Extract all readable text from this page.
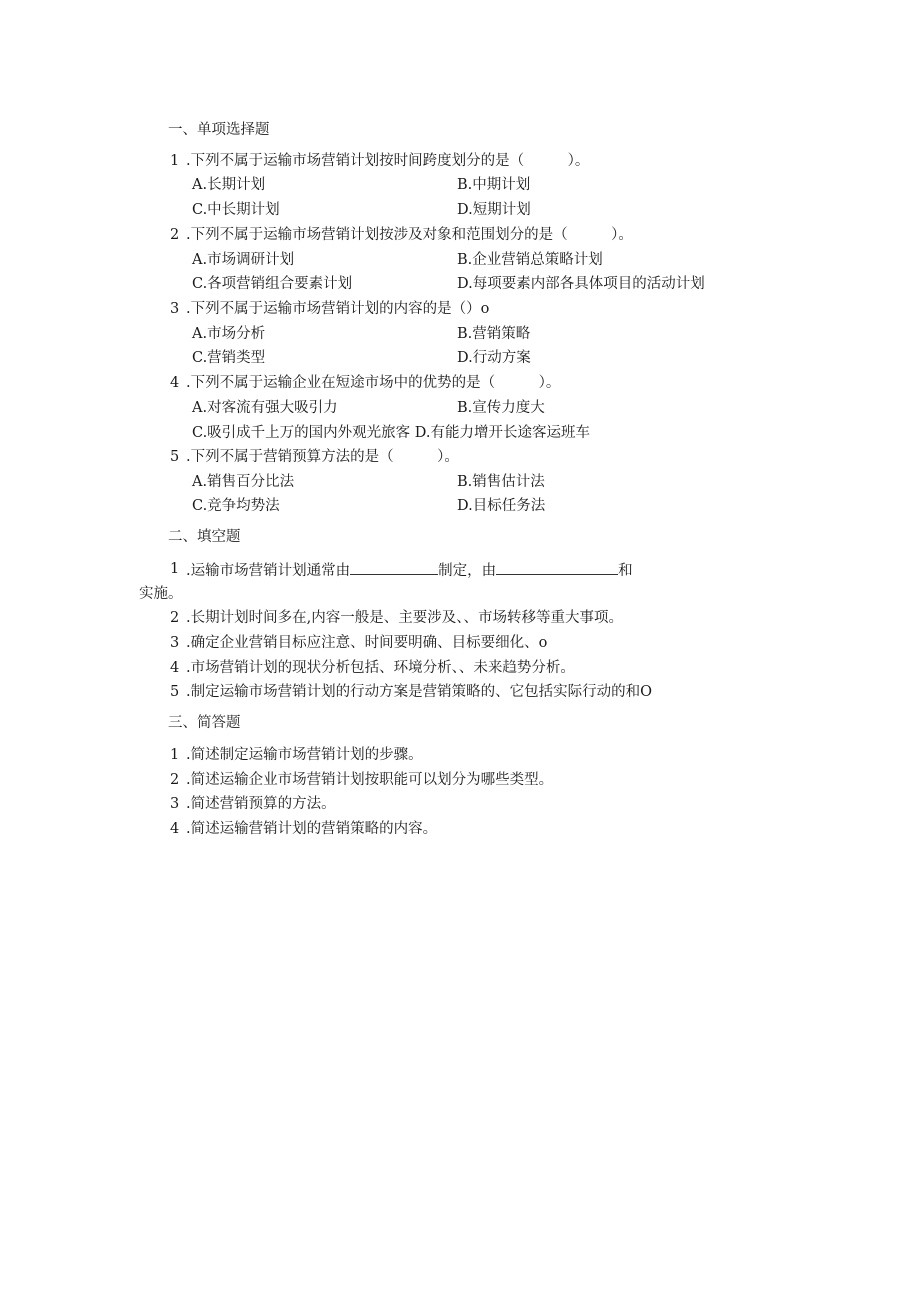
一、单项选择题
1 .下列不属于运输市场营销计划按时间跨度划分的是（　　　）。
A.长期计划	B.中期计划
C.中长期计划	D.短期计划
2 .下列不属于运输市场营销计划按涉及对象和范围划分的是（　　　）。
A.市场调研计划	B.企业营销总策略计划
C.各项营销组合要素计划	D.每项要素内部各具体项目的活动计划
3 .下列不属于运输市场营销计划的内容的是（）o
A.市场分析	B.营销策略
C.营销类型	D.行动方案
4 .下列不属于运输企业在短途市场中的优势的是（　　　）。
A.对客流有强大吸引力	B.宣传力度大
C.吸引成千上万的国内外观光旅客 D.有能力增开长途客运班车
5 .下列不属于营销预算方法的是（　　　）。
A.销售百分比法	B.销售估计法
C.竞争均势法	D.目标任务法
二、填空题
1 .运输市场营销计划通常由	制定，由	和
实施。
2 .长期计划时间多在,内容一般是、主要涉及、、市场转移等重大事项。
3 .确定企业营销目标应注意、时间要明确、目标要细化、o
4 .市场营销计划的现状分析包括、环境分析、、未来趋势分析。
5 .制定运输市场营销计划的行动方案是营销策略的、它包括实际行动的和O
三、简答题
1 .简述制定运输市场营销计划的步骤。
2 .简述运输企业市场营销计划按职能可以划分为哪些类型。
3 .简述营销预算的方法。
4 .简述运输营销计划的营销策略的内容。
